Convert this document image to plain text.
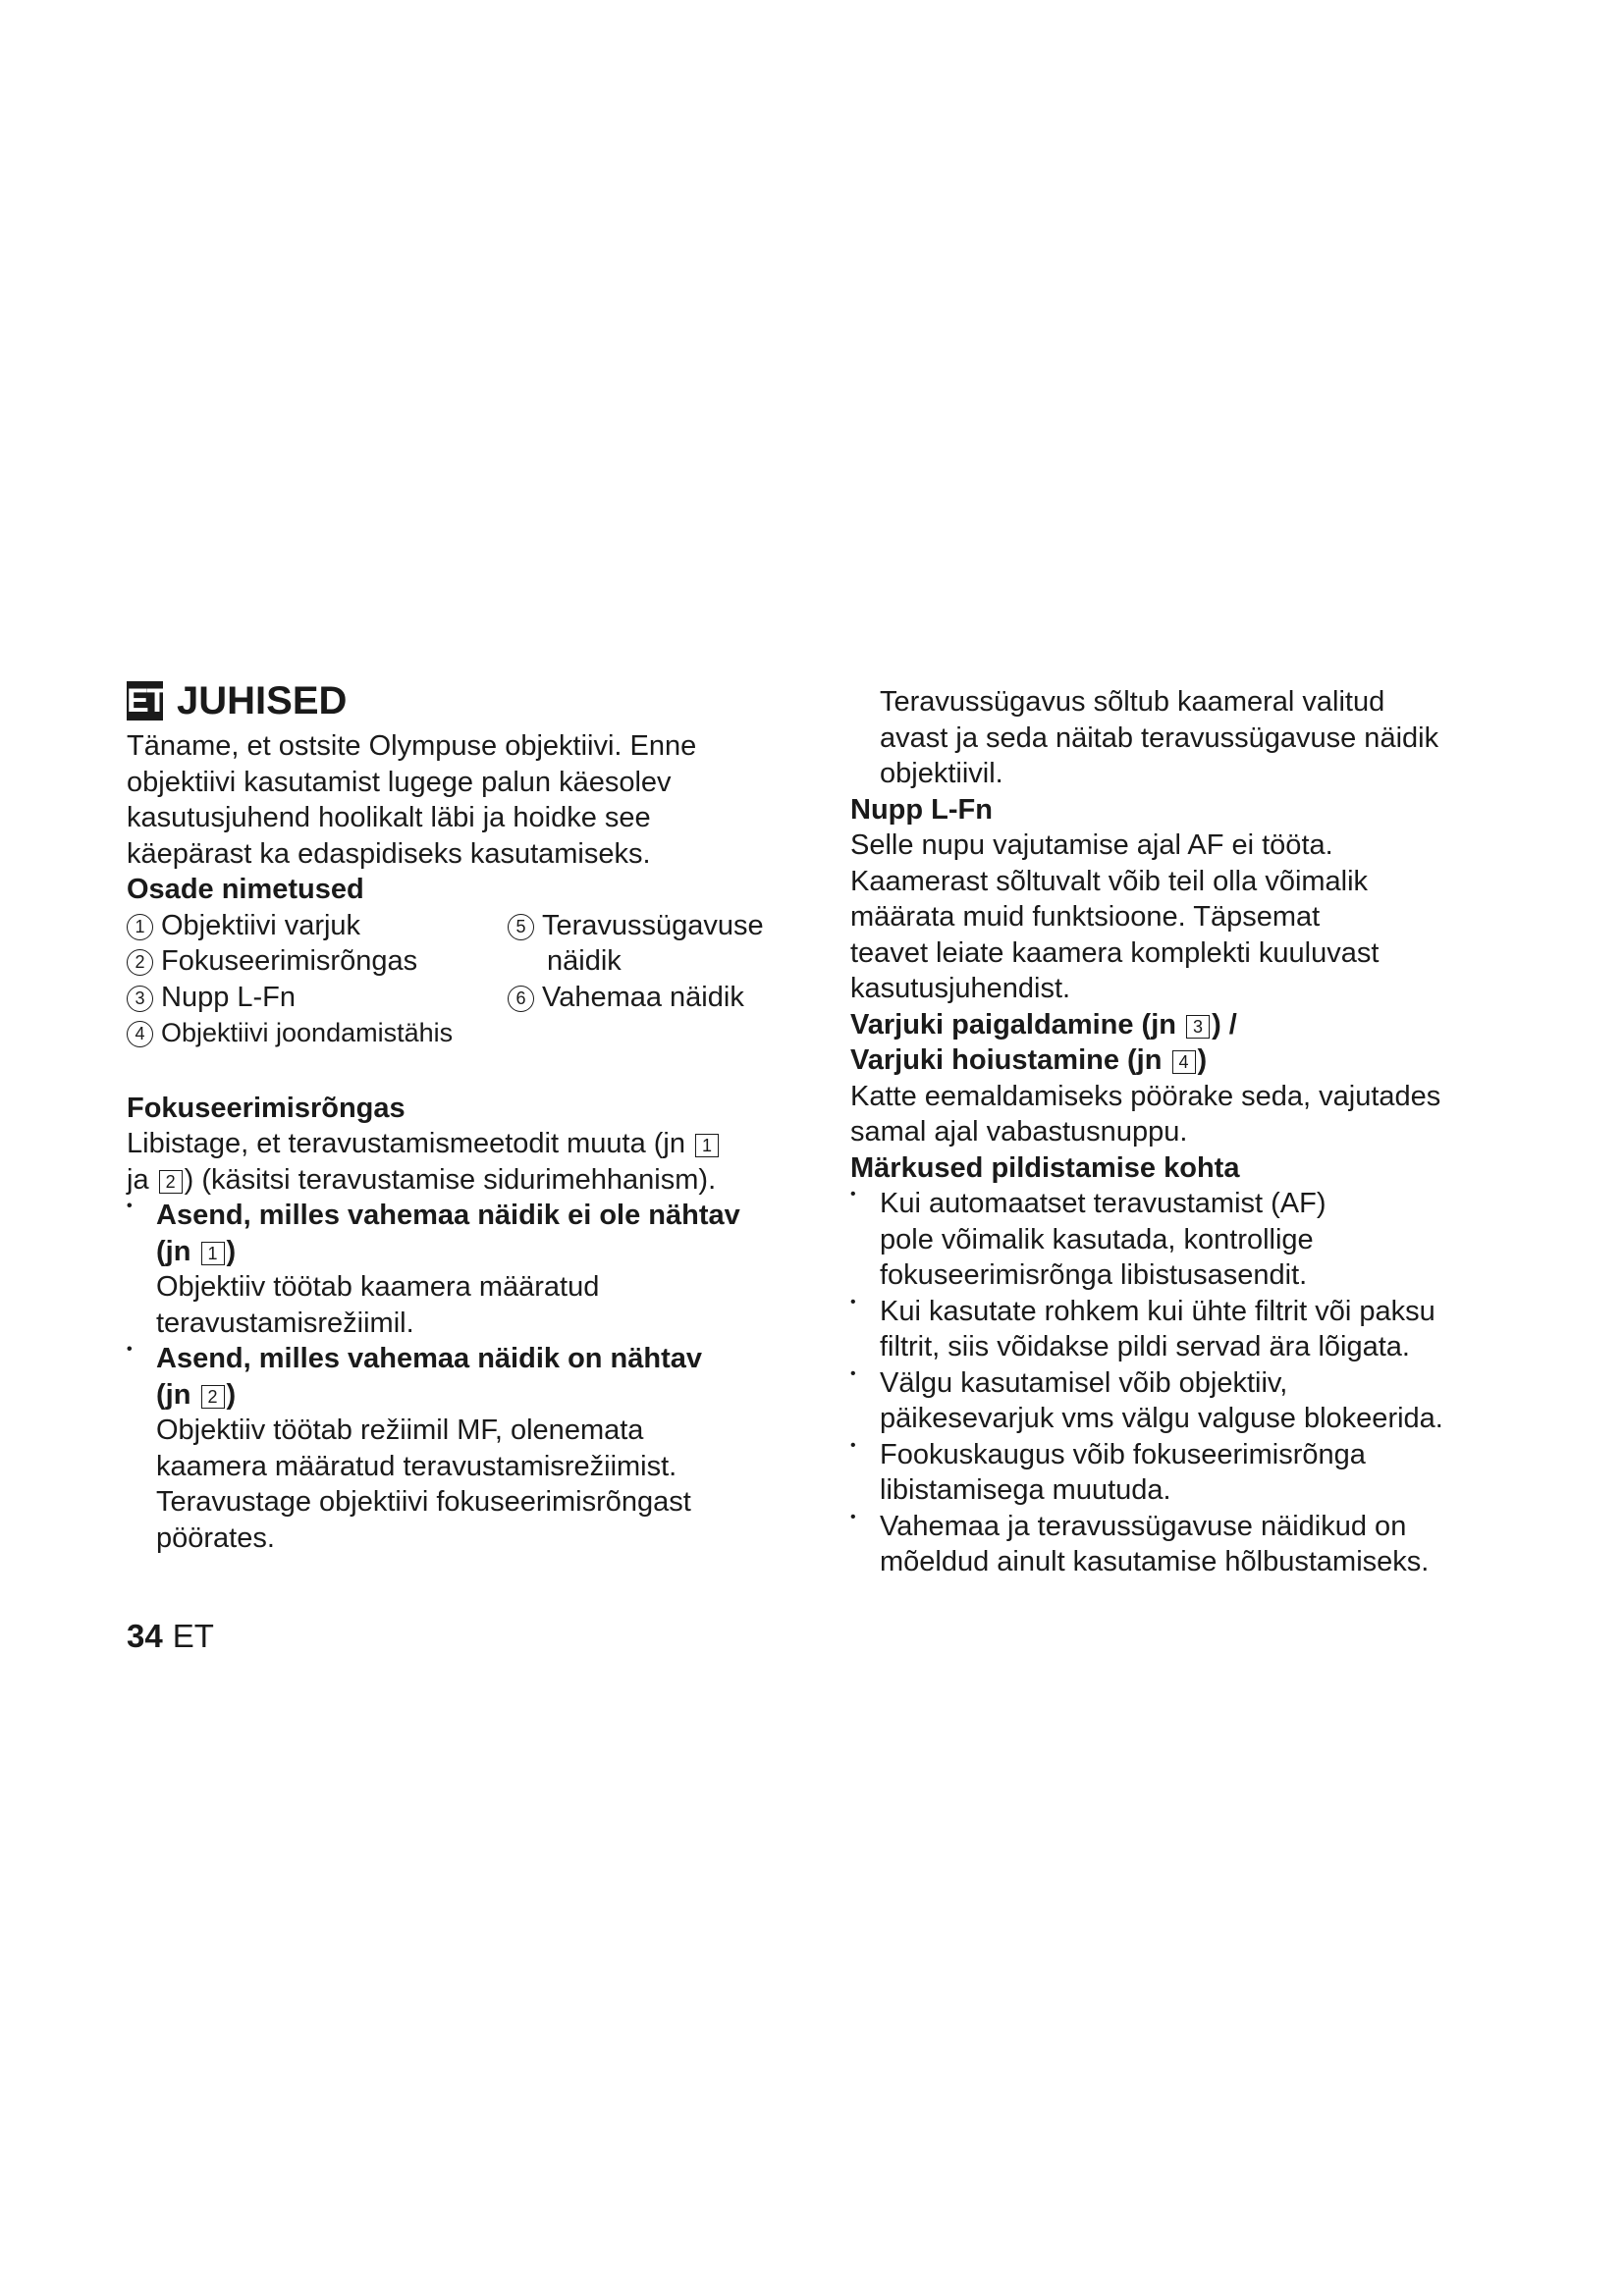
ET JUHISED

Täname, et ostsite Olympuse objektiivi. Enne

objektiivi kasutamist lugege palun käesolev

kasutusjuhend hoolikalt läbi ja hoidke see

käepärast ka edaspidiseks kasutamiseks.

Osade nimetused

1 Objektiivi varjuk
2 Fokuseerimisrõngas
3 Nupp L-Fn
4 Objektiivi joondamistähis
5 Teravussügavuse
näidik
6 Vahemaa näidik

Fokuseerimisrõngas

Libistage, et teravustamismeetodit muuta (jn 1

ja 2 ) (käsitsi teravustamise sidurimehhanism).

• Asend, milles vahemaa näidik ei ole nähtav

(jn 1 )

Objektiiv töötab kaamera määratud

teravustamisrežiimil.

• Asend, milles vahemaa näidik on nähtav

(jn 2 )

Objektiiv töötab režiimil MF, olenemata

kaamera määratud teravustamisrežiimist.

Teravustage objektiivi fokuseerimisrõngast

pöörates.

Teravussügavus sõltub kaameral valitud

avast ja seda näitab teravussügavuse näidik

objektiivil.

Nupp L-Fn

Selle nupu vajutamise ajal AF ei tööta.

Kaamerast sõltuvalt võib teil olla võimalik

määrata muid funktsioone. Täpsemat

teavet leiate kaamera komplekti kuuluvast

kasutusjuhendist.

Varjuki paigaldamine (jn 3 ) /

Varjuki hoiustamine (jn 4 )

Katte eemaldamiseks pöörake seda, vajutades

samal ajal vabastusnuppu.

Märkused pildistamise kohta

• Kui automaatset teravustamist (AF)

pole võimalik kasutada, kontrollige

fokuseerimisrõnga libistusasendit.

• Kui kasutate rohkem kui ühte filtrit või paksu

filtrit, siis võidakse pildi servad ära lõigata.

• Välgu kasutamisel võib objektiiv,

päikesevarjuk vms välgu valguse blokeerida.

• Fookuskaugus võib fokuseerimisrõnga

libistamisega muutuda.

• Vahemaa ja teravussügavuse näidikud on

mõeldud ainult kasutamise hõlbustamiseks.

34 ET
